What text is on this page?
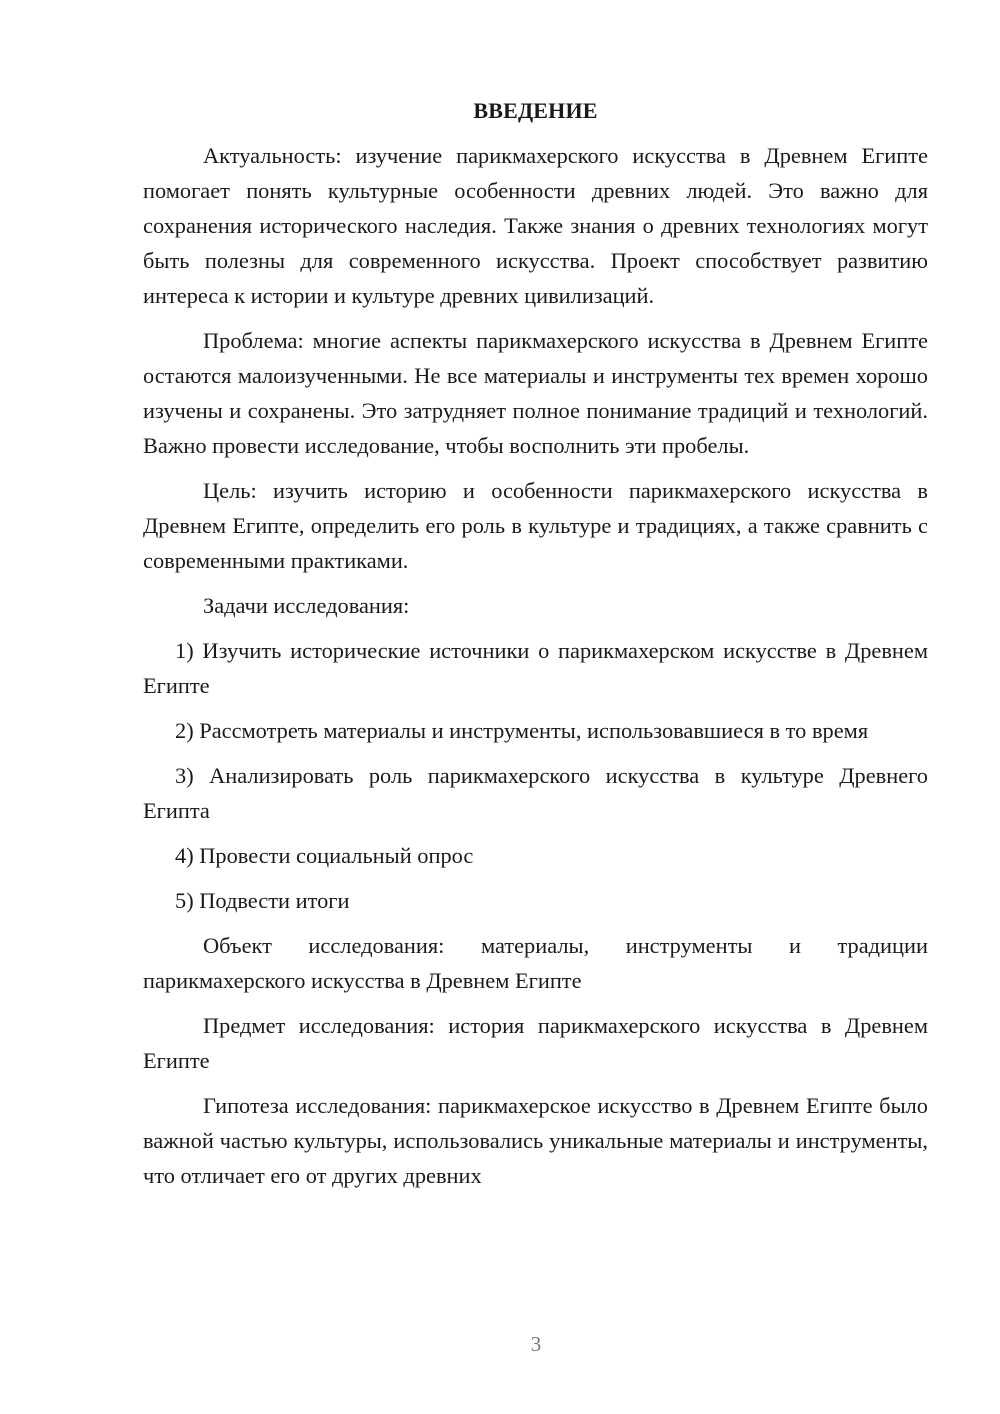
ВВЕДЕНИЕ

Актуальность: изучение парикмахерского искусства в Древнем Египте помогает понять культурные особенности древних людей. Это важно для сохранения исторического наследия. Также знания о древних технологиях могут быть полезны для современного искусства. Проект способствует развитию интереса к истории и культуре древних цивилизаций.

Проблема: многие аспекты парикмахерского искусства в Древнем Египте остаются малоизученными. Не все материалы и инструменты тех времен хорошо изучены и сохранены. Это затрудняет полное понимание традиций и технологий. Важно провести исследование, чтобы восполнить эти пробелы.

Цель: изучить историю и особенности парикмахерского искусства в Древнем Египте, определить его роль в культуре и традициях, а также сравнить с современными практиками.

Задачи исследования:

1) Изучить исторические источники о парикмахерском искусстве в Древнем Египте

2) Рассмотреть материалы и инструменты, использовавшиеся в то время

3) Анализировать роль парикмахерского искусства в культуре Древнего Египта

4) Провести социальный опрос

5) Подвести итоги

Объект исследования: материалы, инструменты и традиции парикмахерского искусства в Древнем Египте

Предмет исследования: история парикмахерского искусства в Древнем Египте

Гипотеза исследования: парикмахерское искусство в Древнем Египте было важной частью культуры, использовались уникальные материалы и инструменты, что отличает его от других древних

3
